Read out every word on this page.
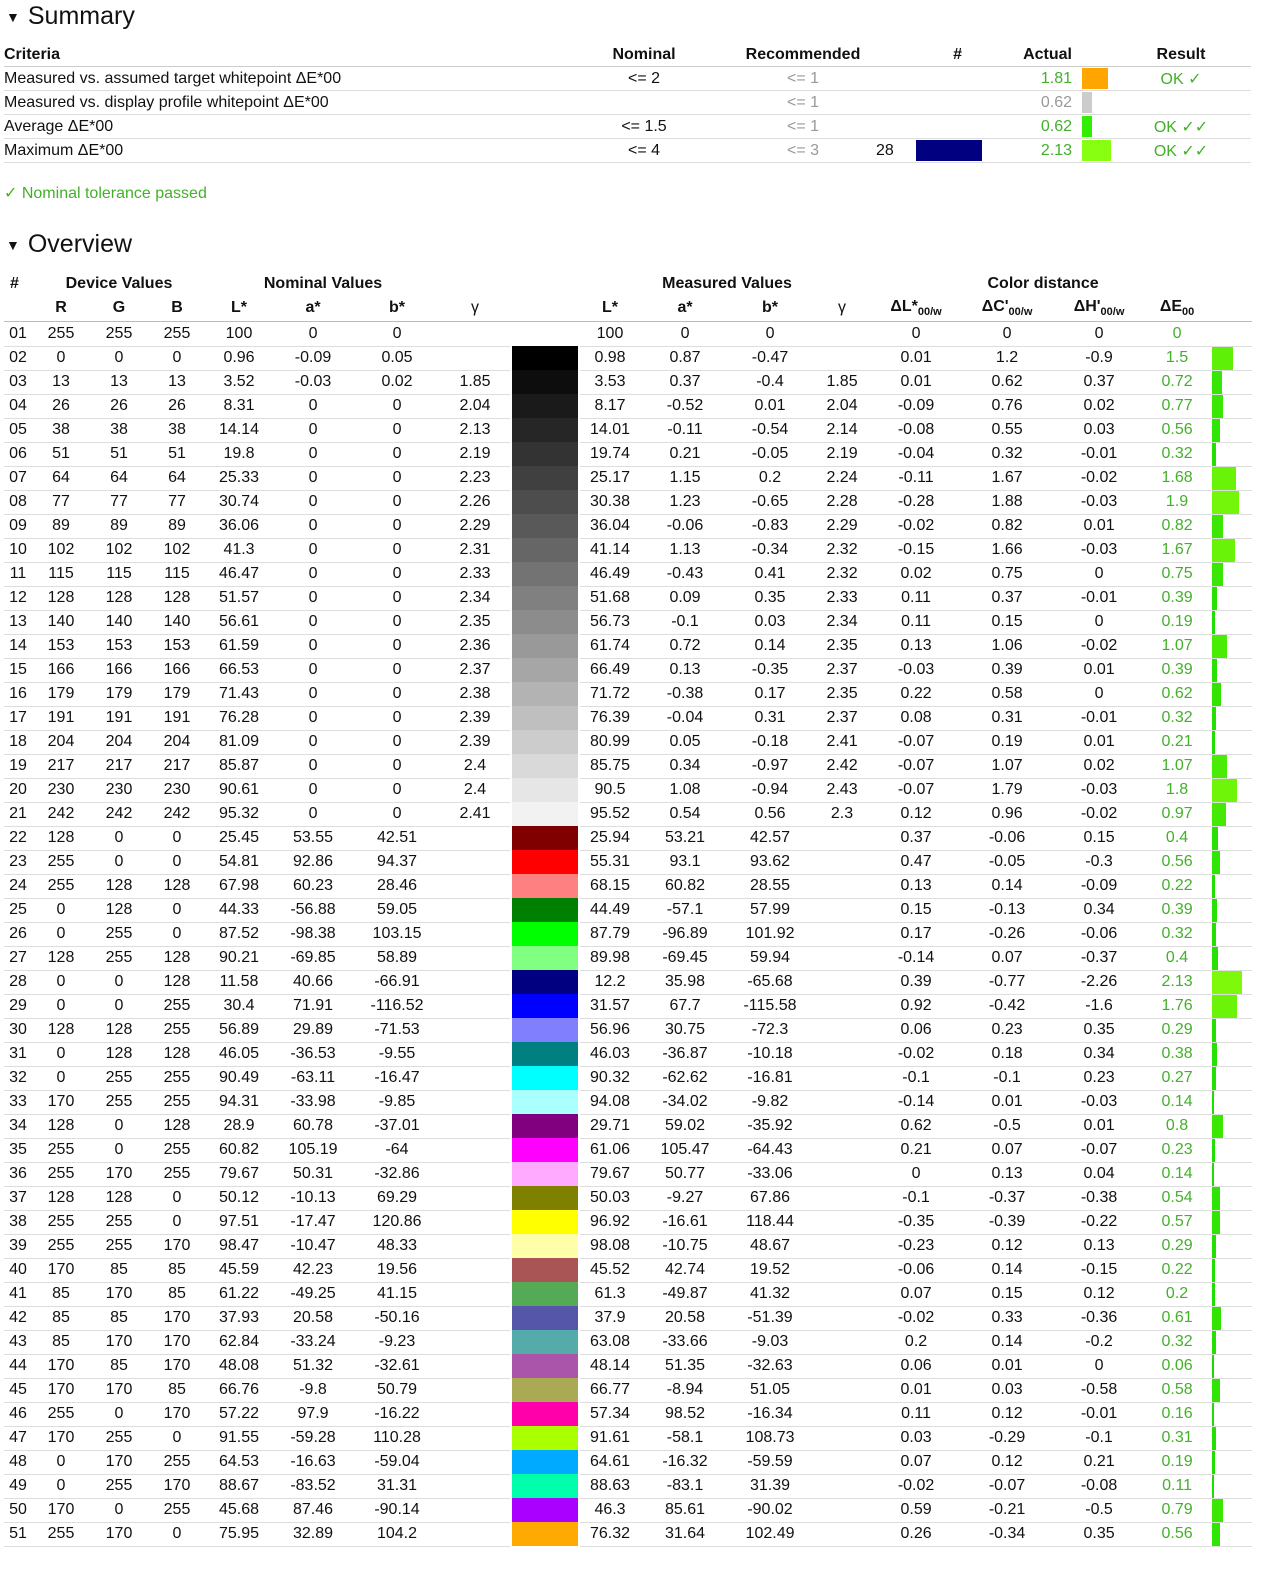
▼ Summary
Criteria	Nominal	Recommended	#	Actual			Result
Measured vs. assumed target whitepoint ΔE*00	<= 2	<= 1		1.81			OK ✓
Measured vs. display profile whitepoint ΔE*00		<= 1		0.62		

Average ΔE*00	<= 1.5	<= 1		0.62			OK ✓✓
Maximum ΔE*00	<= 4	<= 3	28	2.13			OK ✓✓
✓ Nominal tolerance passed
▼ Overview
#	Device Values			Nominal Values					Measured Values				Color distance				
	R	G	B	L*	a*	b*	γ		L*	a*	b*	γ	$\Delta L*_{00/w}$	$\Delta C'_{00/w}$	$\Delta H'_{00/w}$	$\Delta E_{00}$	
01	255	255	255	100	0	0			100	0	0		0	0	0	0	
02	0	0	0	0.96	-0.09	0.05			0.98	0.87	-0.47		0.01	1.2	-0.9	1.5	

03	13	13	13	3.52	-0.03	0.02	1.85		3.53	0.37	-0.4	1.85	0.01	0.62	0.37	0.72	

04	26	26	26	8.31	0	0	2.04		8.17	-0.52	0.01	2.04	-0.09	0.76	0.02	0.77	

05	38	38	38	14.14	0	0	2.13		14.01	-0.11	-0.54	2.14	-0.08	0.55	0.03	0.56	

06	51	51	51	19.8	0	0	2.19		19.74	0.21	-0.05	2.19	-0.04	0.32	-0.01	0.32	

07	64	64	64	25.33	0	0	2.23		25.17	1.15	0.2	2.24	-0.11	1.67	-0.02	1.68	

08	77	77	77	30.74	0	0	2.26		30.38	1.23	-0.65	2.28	-0.28	1.88	-0.03	1.9	

09	89	89	89	36.06	0	0	2.29		36.04	-0.06	-0.83	2.29	-0.02	0.82	0.01	0.82	

10	102	102	102	41.3	0	0	2.31		41.14	1.13	-0.34	2.32	-0.15	1.66	-0.03	1.67	

11	115	115	115	46.47	0	0	2.33		46.49	-0.43	0.41	2.32	0.02	0.75	0	0.75	

12	128	128	128	51.57	0	0	2.34		51.68	0.09	0.35	2.33	0.11	0.37	-0.01	0.39	

13	140	140	140	56.61	0	0	2.35		56.73	-0.1	0.03	2.34	0.11	0.15	0	0.19	

14	153	153	153	61.59	0	0	2.36		61.74	0.72	0.14	2.35	0.13	1.06	-0.02	1.07	

15	166	166	166	66.53	0	0	2.37		66.49	0.13	-0.35	2.37	-0.03	0.39	0.01	0.39	

16	179	179	179	71.43	0	0	2.38		71.72	-0.38	0.17	2.35	0.22	0.58	0	0.62	

17	191	191	191	76.28	0	0	2.39		76.39	-0.04	0.31	2.37	0.08	0.31	-0.01	0.32	

18	204	204	204	81.09	0	0	2.39		80.99	0.05	-0.18	2.41	-0.07	0.19	0.01	0.21	

19	217	217	217	85.87	0	0	2.4		85.75	0.34	-0.97	2.42	-0.07	1.07	0.02	1.07	

20	230	230	230	90.61	0	0	2.4		90.5	1.08	-0.94	2.43	-0.07	1.79	-0.03	1.8	

21	242	242	242	95.32	0	0	2.41		95.52	0.54	0.56	2.3	0.12	0.96	-0.02	0.97	

22	128	0	0	25.45	53.55	42.51			25.94	53.21	42.57		0.37	-0.06	0.15	0.4	

23	255	0	0	54.81	92.86	94.37			55.31	93.1	93.62		0.47	-0.05	-0.3	0.56	

24	255	128	128	67.98	60.23	28.46			68.15	60.82	28.55		0.13	0.14	-0.09	0.22	

25	0	128	0	44.33	-56.88	59.05			44.49	-57.1	57.99		0.15	-0.13	0.34	0.39	

26	0	255	0	87.52	-98.38	103.15			87.79	-96.89	101.92		0.17	-0.26	-0.06	0.32	

27	128	255	128	90.21	-69.85	58.89			89.98	-69.45	59.94		-0.14	0.07	-0.37	0.4	

28	0	0	128	11.58	40.66	-66.91			12.2	35.98	-65.68		0.39	-0.77	-2.26	2.13	

29	0	0	255	30.4	71.91	-116.52			31.57	67.7	-115.58		0.92	-0.42	-1.6	1.76	

30	128	128	255	56.89	29.89	-71.53			56.96	30.75	-72.3		0.06	0.23	0.35	0.29	

31	0	128	128	46.05	-36.53	-9.55			46.03	-36.87	-10.18		-0.02	0.18	0.34	0.38	

32	0	255	255	90.49	-63.11	-16.47			90.32	-62.62	-16.81		-0.1	-0.1	0.23	0.27	

33	170	255	255	94.31	-33.98	-9.85			94.08	-34.02	-9.82		-0.14	0.01	-0.03	0.14	

34	128	0	128	28.9	60.78	-37.01			29.71	59.02	-35.92		0.62	-0.5	0.01	0.8	

35	255	0	255	60.82	105.19	-64			61.06	105.47	-64.43		0.21	0.07	-0.07	0.23	

36	255	170	255	79.67	50.31	-32.86			79.67	50.77	-33.06		0	0.13	0.04	0.14	

37	128	128	0	50.12	-10.13	69.29			50.03	-9.27	67.86		-0.1	-0.37	-0.38	0.54	

38	255	255	0	97.51	-17.47	120.86			96.92	-16.61	118.44		-0.35	-0.39	-0.22	0.57	

39	255	255	170	98.47	-10.47	48.33			98.08	-10.75	48.67		-0.23	0.12	0.13	0.29	

40	170	85	85	45.59	42.23	19.56			45.52	42.74	19.52		-0.06	0.14	-0.15	0.22	

41	85	170	85	61.22	-49.25	41.15			61.3	-49.87	41.32		0.07	0.15	0.12	0.2	

42	85	85	170	37.93	20.58	-50.16			37.9	20.58	-51.39		-0.02	0.33	-0.36	0.61	

43	85	170	170	62.84	-33.24	-9.23			63.08	-33.66	-9.03		0.2	0.14	-0.2	0.32	

44	170	85	170	48.08	51.32	-32.61			48.14	51.35	-32.63		0.06	0.01	0	0.06	

45	170	170	85	66.76	-9.8	50.79			66.77	-8.94	51.05		0.01	0.03	-0.58	0.58	

46	255	0	170	57.22	97.9	-16.22			57.34	98.52	-16.34		0.11	0.12	-0.01	0.16	

47	170	255	0	91.55	-59.28	110.28			91.61	-58.1	108.73		0.03	-0.29	-0.1	0.31	

48	0	170	255	64.53	-16.63	-59.04			64.61	-16.32	-59.59		0.07	0.12	0.21	0.19	

49	0	255	170	88.67	-83.52	31.31			88.63	-83.1	31.39		-0.02	-0.07	-0.08	0.11	

50	170	0	255	45.68	87.46	-90.14			46.3	85.61	-90.02		0.59	-0.21	-0.5	0.79	

51	255	170	0	75.95	32.89	104.2			76.32	31.64	102.49		0.26	-0.34	0.35	0.56	
